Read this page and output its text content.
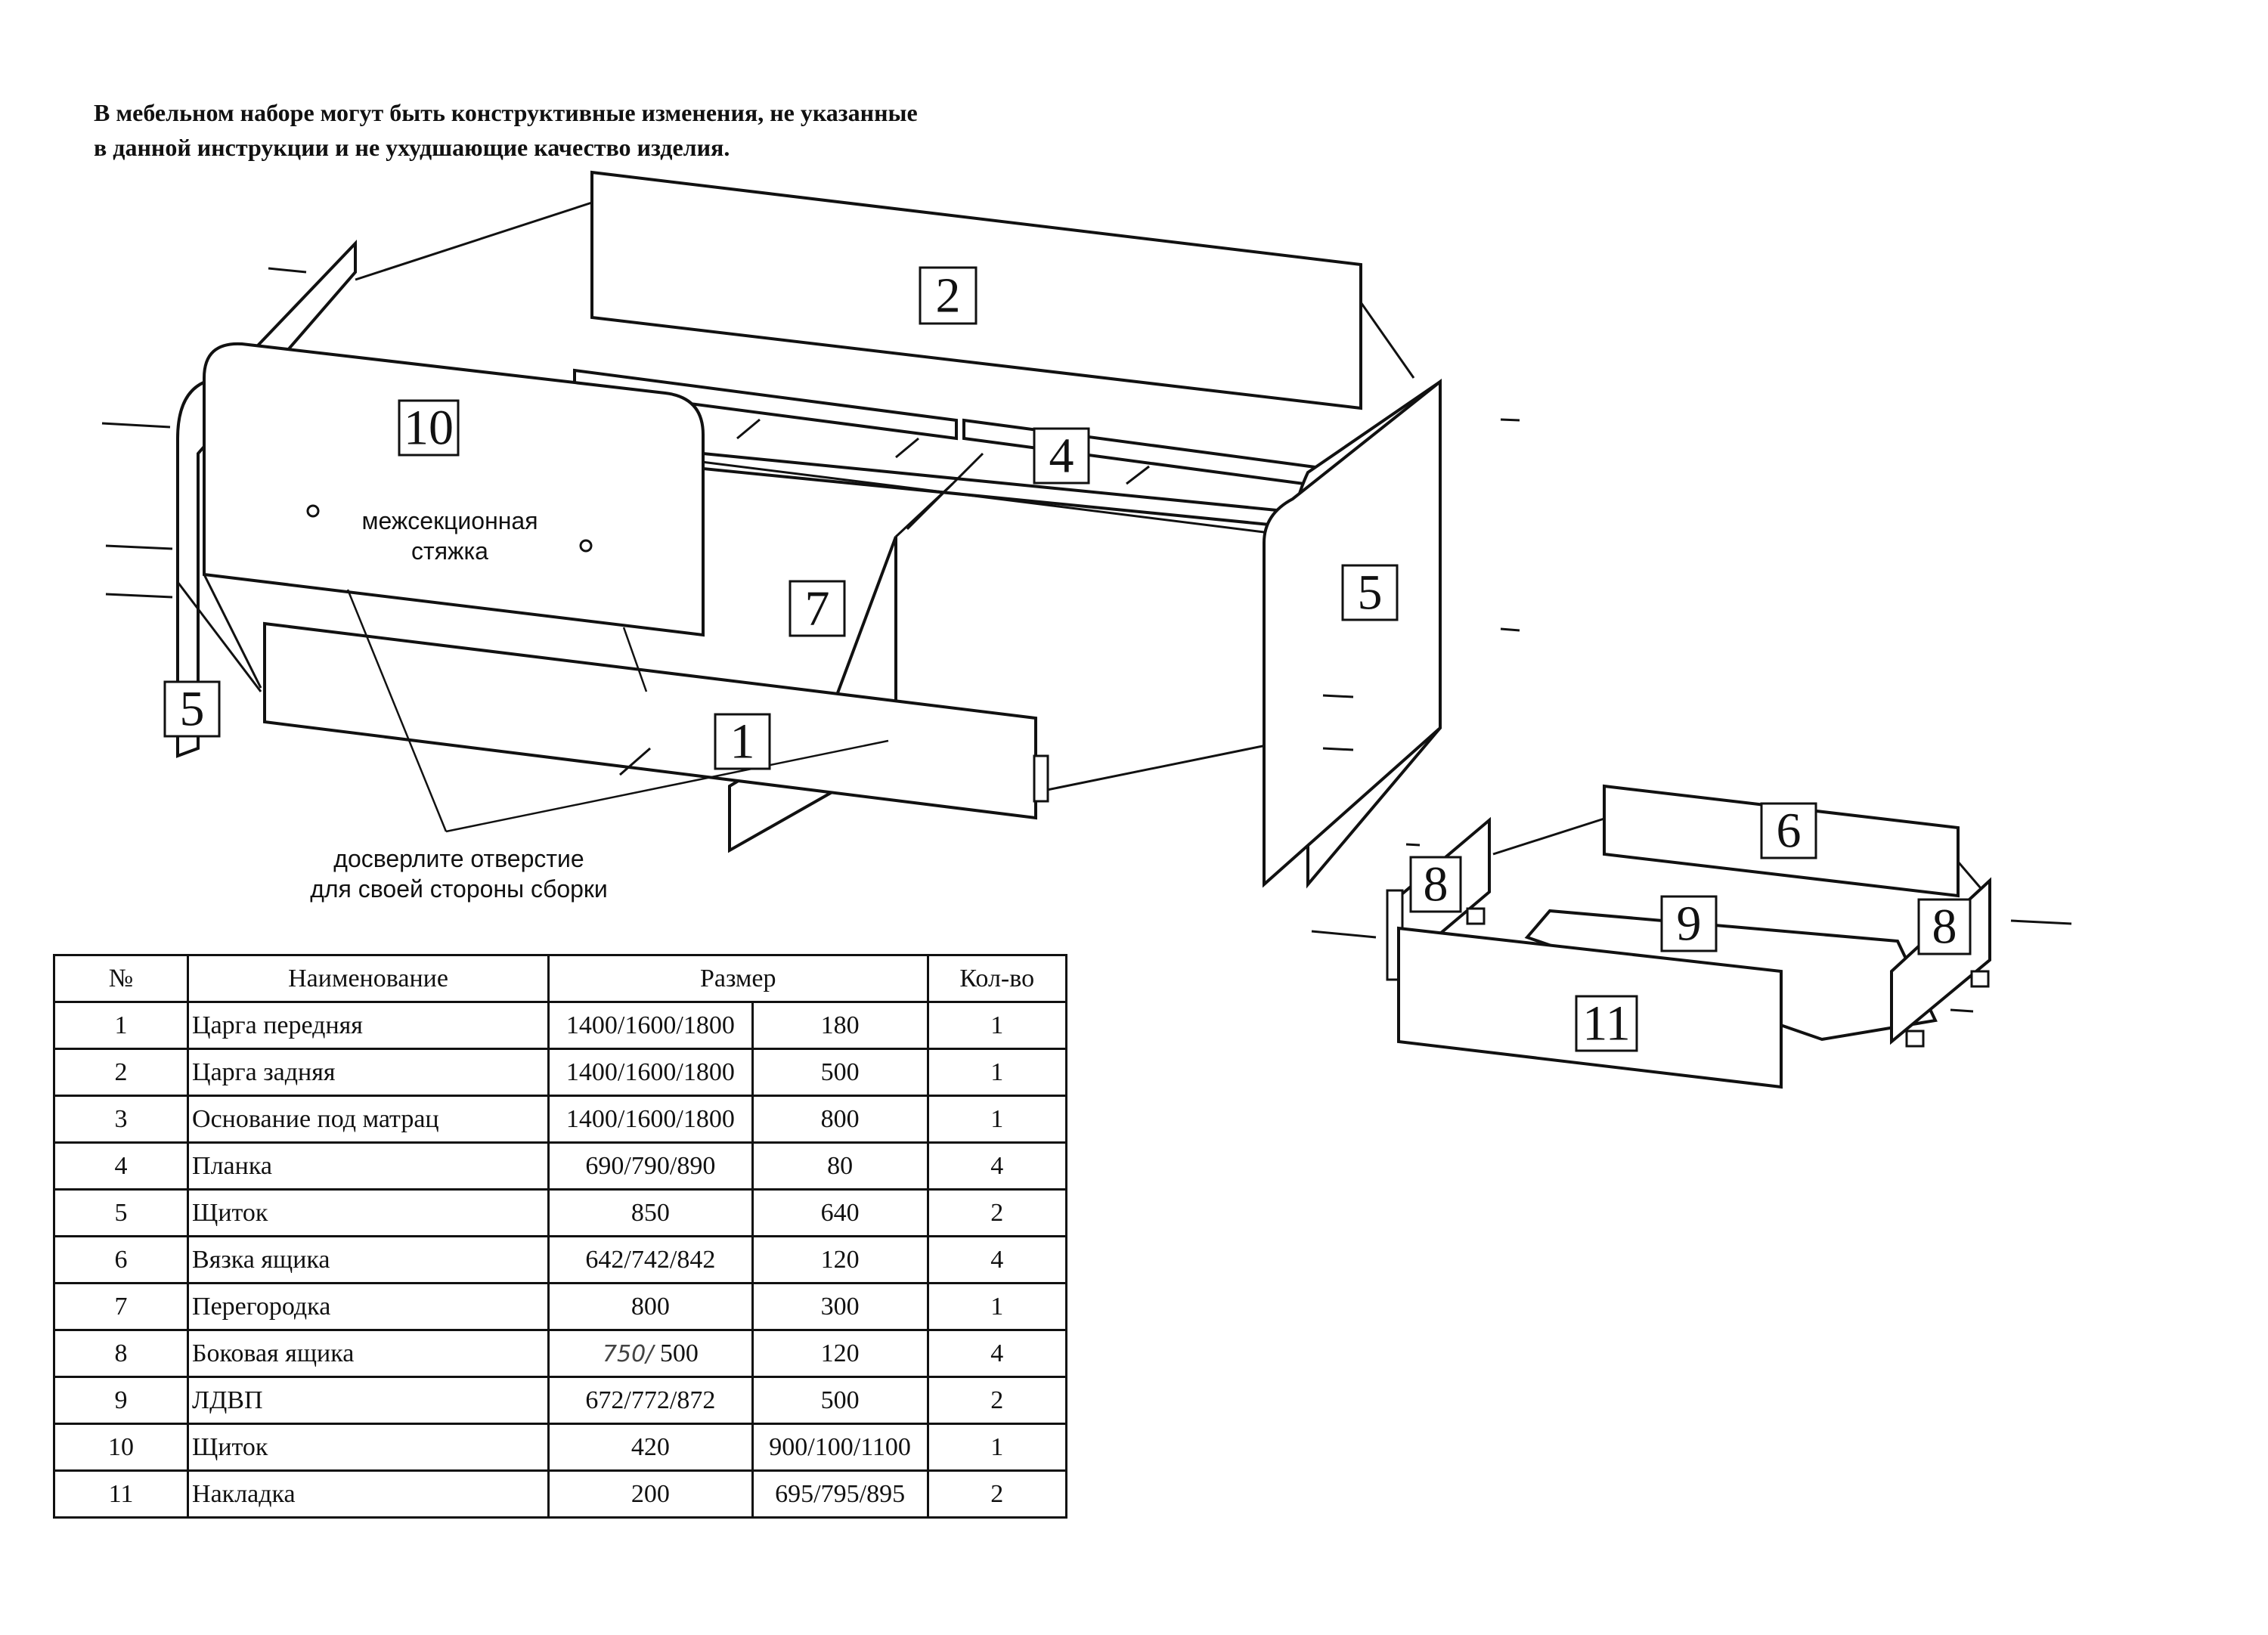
В мебельном наборе могут быть конструктивные изменения, не указанные
в данной инструкции и не ухудшающие качество изделия.
досверлите отверстие
для своей стороны сборки
межсекционная
стяжка
2
10
4
5
7
5
1
6
8
9	8
11
№	Наименование	Размер		Кол-во
1	Царга передняя	1400/1600/1800	180	1
2	Царга задняя	1400/1600/1800	500	1
3	Основание под матрац	1400/1600/1800	800	1
4	Планка	690/790/890	80	4
5	Щиток	850	640	2
6	Вязка ящика	642/742/842	120	4
7	Перегородка	800	300	1
8	Боковая ящика	750/ 500	120	4
9	ЛДВП	672/772/872	500	2
10	Щиток	420	900/100/1100	1
11	Накладка	200	695/795/895	2
